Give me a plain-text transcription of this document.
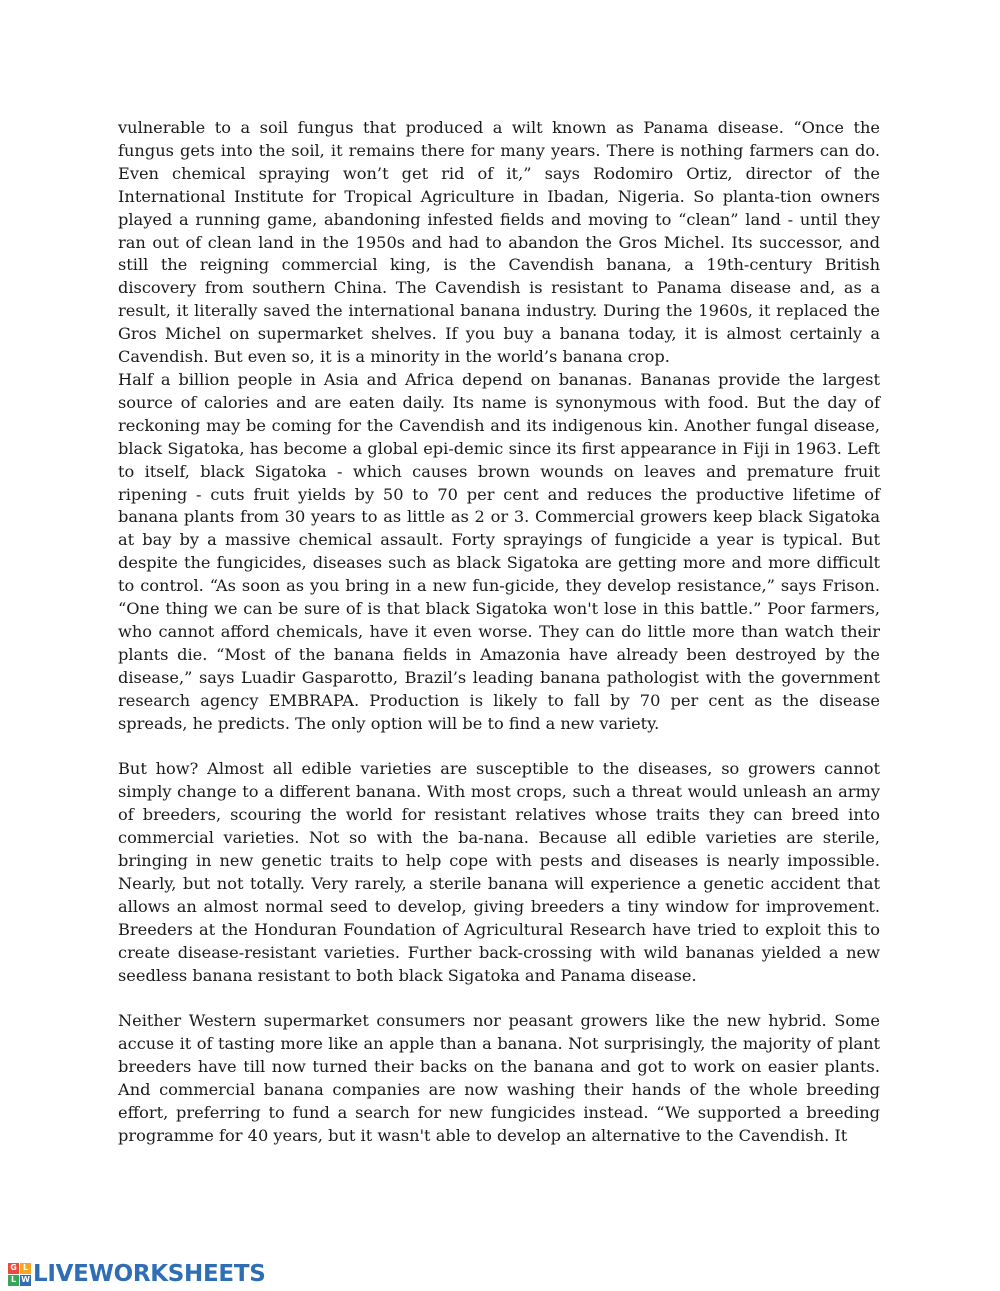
vulnerable to a soil fungus that produced a wilt known as Panama disease. “Once the fungus gets into the soil, it remains there for many years. There is nothing farmers can do. Even chemical spraying won’t get rid of it,” says Rodomiro Ortiz, director of the International Institute for Tropical Agriculture in Ibadan, Nigeria. So planta-tion owners played a running game, abandoning infested fields and moving to “clean” land - until they ran out of clean land in the 1950s and had to abandon the Gros Michel. Its successor, and still the reigning commercial king, is the Cavendish banana, a 19th-century British discovery from southern China. The Cavendish is resistant to Panama disease and, as a result, it literally saved the international banana industry. During the 1960s, it replaced the Gros Michel on supermarket shelves. If you buy a banana today, it is almost certainly a Cavendish. But even so, it is a minority in the world’s banana crop.

Half a billion people in Asia and Africa depend on bananas. Bananas provide the largest source of calories and are eaten daily. Its name is synonymous with food. But the day of reckoning may be coming for the Cavendish and its indigenous kin. Another fungal disease, black Sigatoka, has become a global epi-demic since its first appearance in Fiji in 1963. Left to itself, black Sigatoka - which causes brown wounds on leaves and premature fruit ripening - cuts fruit yields by 50 to 70 per cent and reduces the productive lifetime of banana plants from 30 years to as little as 2 or 3. Commercial growers keep black Sigatoka at bay by a massive chemical assault. Forty sprayings of fungicide a year is typical. But despite the fungicides, diseases such as black Sigatoka are getting more and more difficult to control. “As soon as you bring in a new fun-gicide, they develop resistance,” says Frison. “One thing we can be sure of is that black Sigatoka won't lose in this battle.” Poor farmers, who cannot afford chemicals, have it even worse. They can do little more than watch their plants die. “Most of the banana fields in Amazonia have already been destroyed by the disease,” says Luadir Gasparotto, Brazil’s leading banana pathologist with the government research agency EMBRAPA. Production is likely to fall by 70 per cent as the disease spreads, he predicts. The only option will be to find a new variety.

But how? Almost all edible varieties are susceptible to the diseases, so growers cannot simply change to a different banana. With most crops, such a threat would unleash an army of breeders, scouring the world for resistant relatives whose traits they can breed into commercial varieties. Not so with the ba-nana. Because all edible varieties are sterile, bringing in new genetic traits to help cope with pests and diseases is nearly impossible. Nearly, but not totally. Very rarely, a sterile banana will experience a genetic accident that allows an almost normal seed to develop, giving breeders a tiny window for improvement. Breeders at the Honduran Foundation of Agricultural Research have tried to exploit this to create disease-resistant varieties. Further back-crossing with wild bananas yielded a new seedless banana resistant to both black Sigatoka and Panama disease.

Neither Western supermarket consumers nor peasant growers like the new hybrid. Some accuse it of tasting more like an apple than a banana. Not surprisingly, the majority of plant breeders have till now turned their backs on the banana and got to work on easier plants. And commercial banana companies are now washing their hands of the whole breeding effort, preferring to fund a search for new fungicides instead. “We supported a breeding programme for 40 years, but it wasn't able to develop an alternative to the Cavendish. It

G L
L W LIVEWORKSHEETS
